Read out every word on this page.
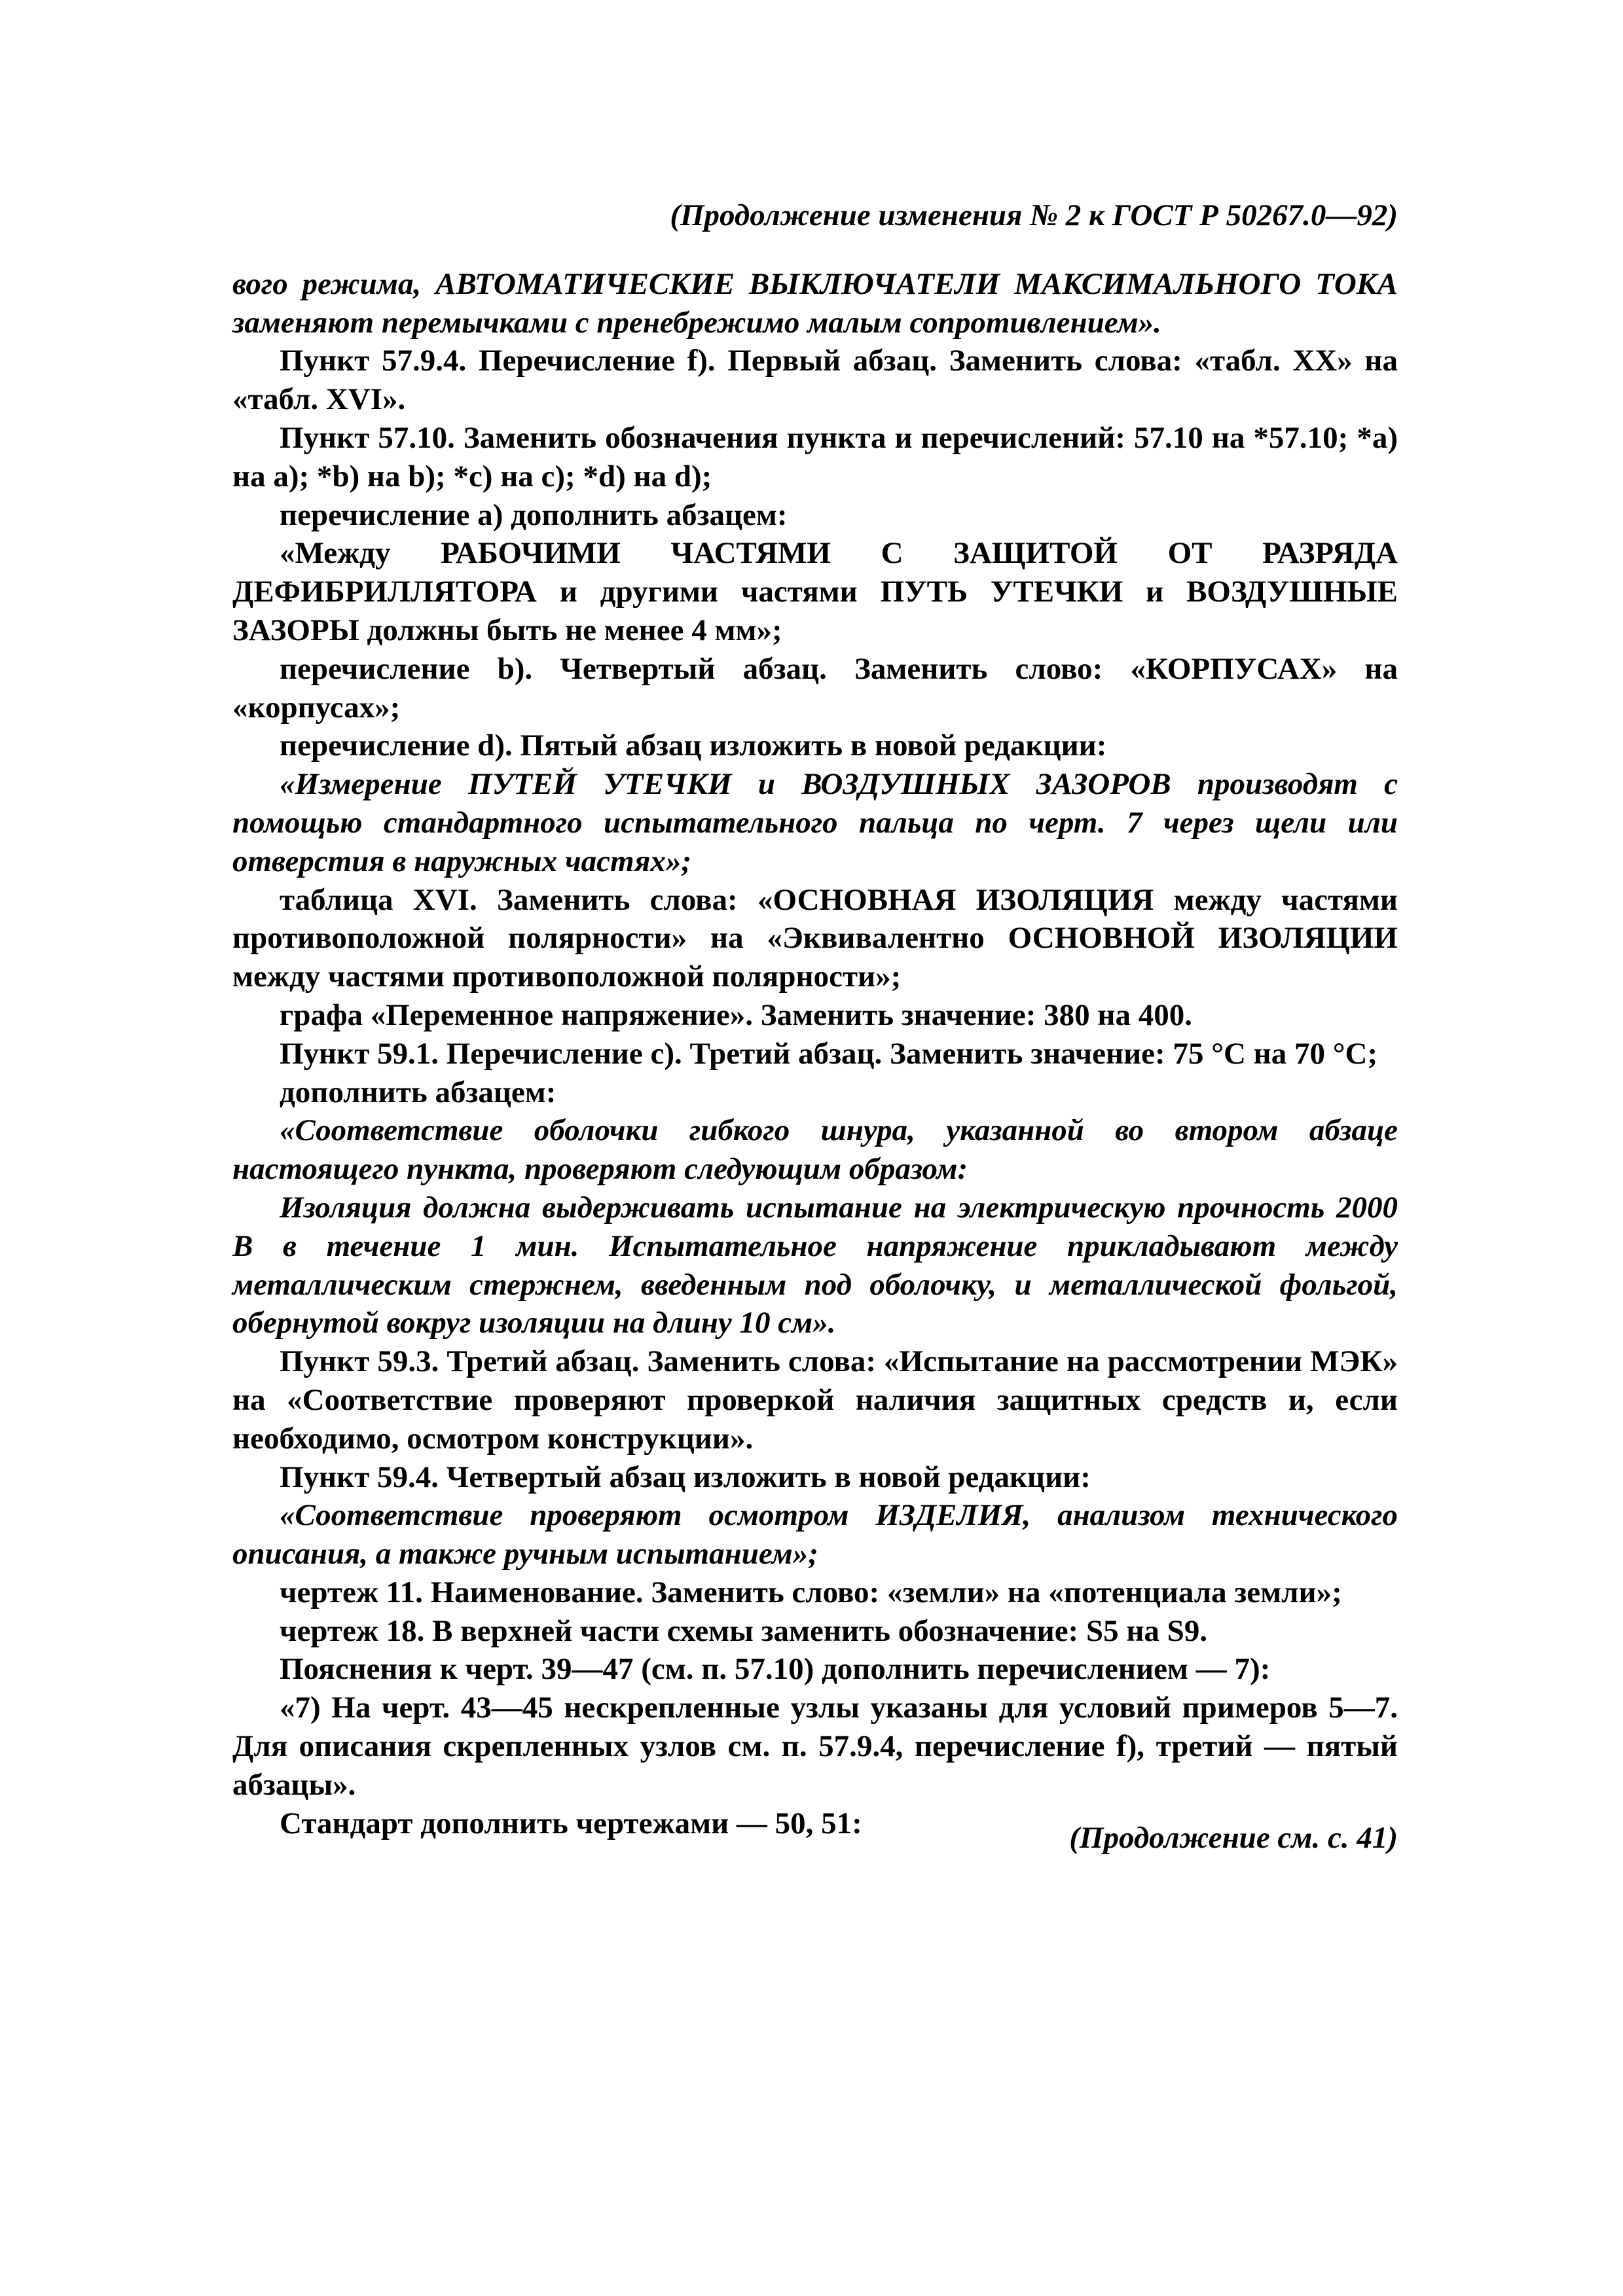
(Продолжение изменения № 2 к ГОСТ Р 50267.0—92)

вого режима, АВТОМАТИЧЕСКИЕ ВЫКЛЮЧАТЕЛИ МАКСИМАЛЬНОГО ТОКА заменяют перемычками с пренебрежимо малым сопротивлением».

Пункт 57.9.4. Перечисление f). Первый абзац. Заменить слова: «табл. XX» на «табл. XVI».

Пункт 57.10. Заменить обозначения пункта и перечислений: 57.10 на *57.10; *a) на a); *b) на b); *c) на c); *d) на d);

перечисление a) дополнить абзацем:

«Между РАБОЧИМИ ЧАСТЯМИ С ЗАЩИТОЙ ОТ РАЗРЯДА ДЕФИБРИЛЛЯТОРА и другими частями ПУТЬ УТЕЧКИ и ВОЗДУШНЫЕ ЗАЗОРЫ должны быть не менее 4 мм»;

перечисление b). Четвертый абзац. Заменить слово: «КОРПУСАХ» на «корпусах»;

перечисление d). Пятый абзац изложить в новой редакции:

«Измерение ПУТЕЙ УТЕЧКИ и ВОЗДУШНЫХ ЗАЗОРОВ производят с помощью стандартного испытательного пальца по черт. 7 через щели или отверстия в наружных частях»;

таблица XVI. Заменить слова: «ОСНОВНАЯ ИЗОЛЯЦИЯ между частями противоположной полярности» на «Эквивалентно ОСНОВНОЙ ИЗОЛЯЦИИ между частями противоположной полярности»;

графа «Переменное напряжение». Заменить значение: 380 на 400.

Пункт 59.1. Перечисление c). Третий абзац. Заменить значение: 75 °С на 70 °С;

дополнить абзацем:

«Соответствие оболочки гибкого шнура, указанной во втором абзаце настоящего пункта, проверяют следующим образом:

Изоляция должна выдерживать испытание на электрическую прочность 2000 В в течение 1 мин. Испытательное напряжение прикладывают между металлическим стержнем, введенным под оболочку, и металлической фольгой, обернутой вокруг изоляции на длину 10 см».

Пункт 59.3. Третий абзац. Заменить слова: «Испытание на рассмотрении МЭК» на «Соответствие проверяют проверкой наличия защитных средств и, если необходимо, осмотром конструкции».

Пункт 59.4. Четвертый абзац изложить в новой редакции:

«Соответствие проверяют осмотром ИЗДЕЛИЯ, анализом технического описания, а также ручным испытанием»;

чертеж 11. Наименование. Заменить слово: «земли» на «потенциала земли»;

чертеж 18. В верхней части схемы заменить обозначение: S5 на S9.

Пояснения к черт. 39—47 (см. п. 57.10) дополнить перечислением — 7):

«7) На черт. 43—45 нескрепленные узлы указаны для условий примеров 5—7. Для описания скрепленных узлов см. п. 57.9.4, перечисление f), третий — пятый абзацы».

Стандарт дополнить чертежами — 50, 51:	(Продолжение см. с. 41)
